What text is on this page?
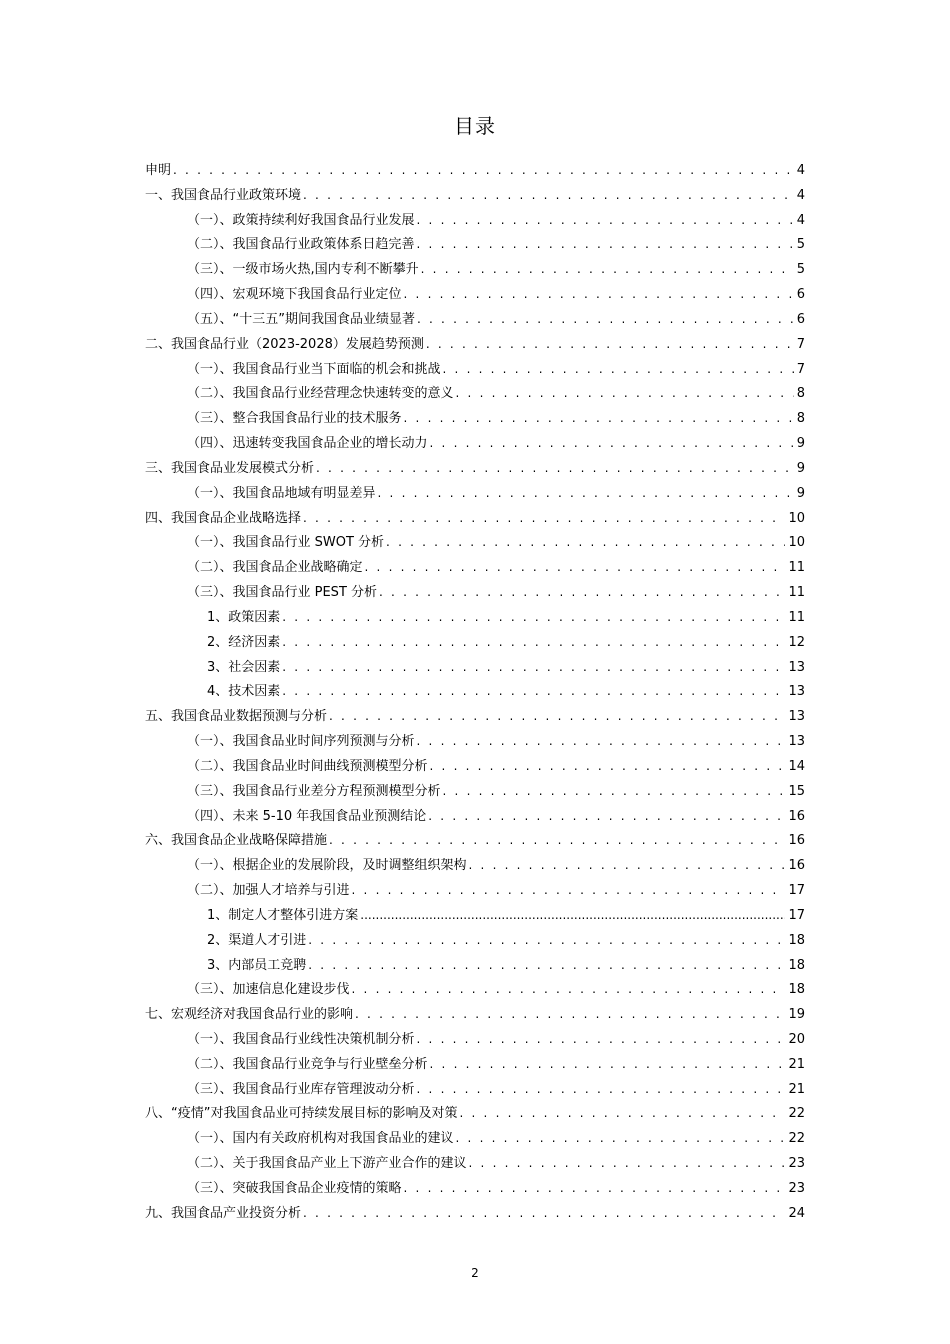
目录
申明 . . .	4
一、我国食品行业政策环境 . . .	4
（一）、政策持续利好我国食品行业发展 . . .	4
（二）、我国食品行业政策体系日趋完善 . . .	5
（三）、一级市场火热,国内专利不断攀升 . . .	5
（四）、宏观环境下我国食品行业定位 . . .	6
（五）、“十三五”期间我国食品业绩显著 . . .	6
二、我国食品行业（2023-2028）发展趋势预测 . . .	7
（一）、我国食品行业当下面临的机会和挑战 . . .	7
（二）、我国食品行业经营理念快速转变的意义 . . .	8
（三）、整合我国食品行业的技术服务 . . .	8
（四）、迅速转变我国食品企业的增长动力 . . .	9
三、我国食品业发展模式分析 . . .	9
（一）、我国食品地域有明显差异 . . .	9
四、我国食品企业战略选择 . . .	10
（一）、我国食品行业 SWOT 分析 . . .	10
（二）、我国食品企业战略确定 . . .	11
（三）、我国食品行业 PEST 分析 . . .	11
1、政策因素 . . .	11
2、经济因素 . . .	12
3、社会因素 . . .	13
4、技术因素 . . .	13
五、我国食品业数据预测与分析 . . .	13
（一）、我国食品业时间序列预测与分析 . . .	13
（二）、我国食品业时间曲线预测模型分析 . . .	14
（三）、我国食品行业差分方程预测模型分析 . . .	15
（四）、未来 5-10 年我国食品业预测结论 . . .	16
六、我国食品企业战略保障措施 . . .	16
（一）、根据企业的发展阶段，及时调整组织架构 . . .	16
（二）、加强人才培养与引进 . . .	17
1、制定人才整体引进方案 .....	17
2、渠道人才引进 . . .	18
3、内部员工竞聘 . . .	18
（三）、加速信息化建设步伐 . . .	18
七、宏观经济对我国食品行业的影响 . . .	19
（一）、我国食品行业线性决策机制分析 . . .	20
（二）、我国食品行业竞争与行业壁垒分析 . . .	21
（三）、我国食品行业库存管理波动分析 . . .	21
八、“疫情”对我国食品业可持续发展目标的影响及对策 . . .	22
（一）、国内有关政府机构对我国食品业的建议 . . .	22
（二）、关于我国食品产业上下游产业合作的建议 . . .	23
（三）、突破我国食品企业疫情的策略 . . .	23
九、我国食品产业投资分析 . . .	24
2
